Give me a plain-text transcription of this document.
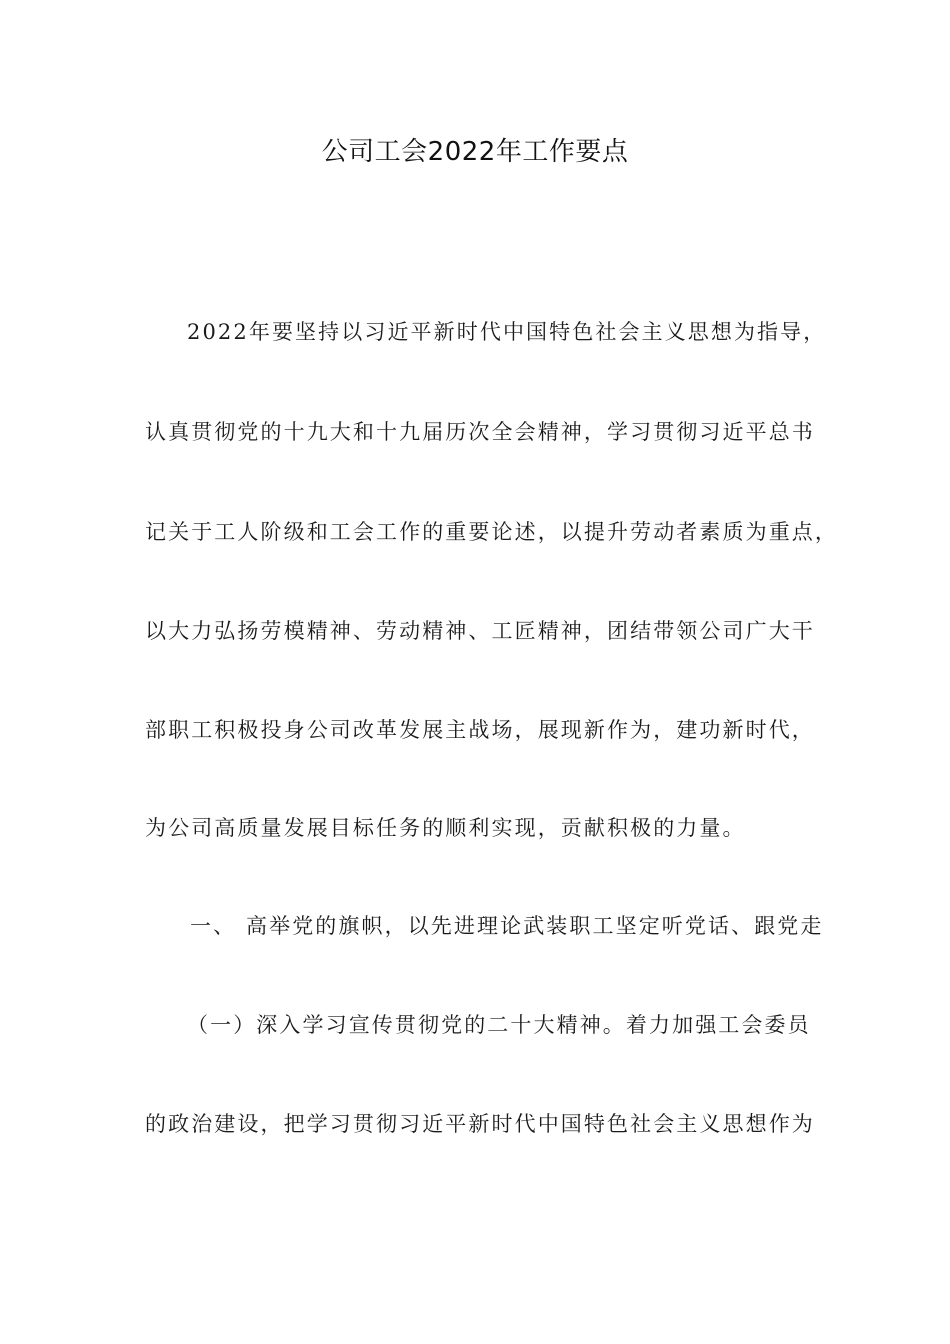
公司工会2022年工作要点
2022年要坚持以习近平新时代中国特色社会主义思想为指导，
认真贯彻党的十九大和十九届历次全会精神，学习贯彻习近平总书
记关于工人阶级和工会工作的重要论述，以提升劳动者素质为重点，
以大力弘扬劳模精神、劳动精神、工匠精神，团结带领公司广大干
部职工积极投身公司改革发展主战场，展现新作为，建功新时代，
为公司高质量发展目标任务的顺利实现，贡献积极的力量。
一、 高举党的旗帜，以先进理论武装职工坚定听党话、跟党走
（一）深入学习宣传贯彻党的二十大精神。着力加强工会委员
的政治建设，把学习贯彻习近平新时代中国特色社会主义思想作为
